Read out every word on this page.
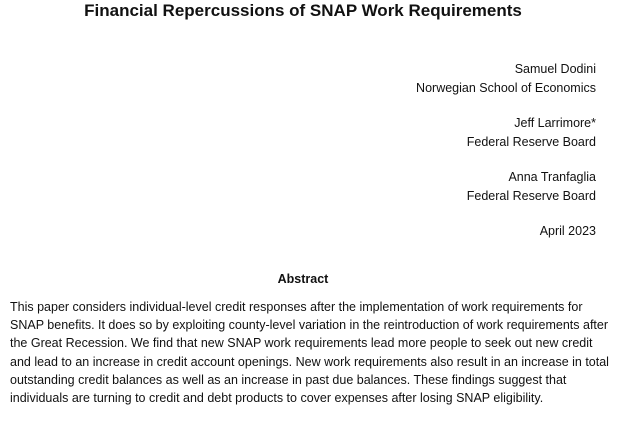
Financial Repercussions of SNAP Work Requirements
Samuel Dodini
Norwegian School of Economics
Jeff Larrimore*
Federal Reserve Board
Anna Tranfaglia
Federal Reserve Board
April 2023
Abstract
This paper considers individual-level credit responses after the implementation of work requirements for SNAP benefits. It does so by exploiting county-level variation in the reintroduction of work requirements after the Great Recession. We find that new SNAP work requirements lead more people to seek out new credit and lead to an increase in credit account openings. New work requirements also result in an increase in total outstanding credit balances as well as an increase in past due balances. These findings suggest that individuals are turning to credit and debt products to cover expenses after losing SNAP eligibility.
